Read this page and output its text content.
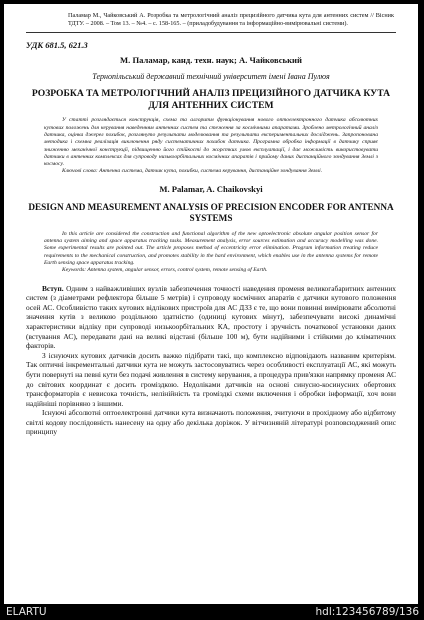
Паламар М., Чайковський А. Розробка та метрологічний аналіз прецизійного датчика кута для антенних систем // Вісник ТДТУ. – 2008. – Том 13. – №4. – с. 158-165. – (приладобудування та інформаційно-вимірювальні системи).
УДК 681.5, 621.3
М. Паламар, канд. техн. наук; А. Чайковський
Тернопільський державний технічний університет імені Івана Пулюя
РОЗРОБКА ТА МЕТРОЛОГІЧНИЙ АНАЛІЗ ПРЕЦИЗІЙНОГО ДАТЧИКА КУТА ДЛЯ АНТЕННИХ СИСТЕМ
У статті розглядається конструкція, схема та алгоритм функціонування нового оптоелектронного датчика абсолютних кутових положень для керування наведенням антенних систем та стеження за космічними апаратами. Зроблено метрологічний аналіз датчика, оцінка джерел похибок, розглянуто результати моделювання та результати експериментальних досліджень. Запропонована методика і схемна реалізація виключення ряду систематичних похибок датчика. Програмна обробка інформації в датчику сприяє зниженню механічної конструкції, підвищенню його стійкості до жорстких умов експлуатації, і дає можливість використовувати датчики в антенних комплексах для супроводу низькоорбітальних космічних апаратів і прийому даних дистанційного зондування Землі з космосу.
Ключові слова: Антенна система, датчик кута, похибки, система керування, дистанційне зондування Землі.
M. Palamar, A. Chaikovskyi
DESIGN AND MEASUREMENT ANALYSIS OF PRECISION ENCODER FOR ANTENNA SYSTEMS
In this article are considered the construction and functional algorithm of the new optoelectronic absolute angular position sensor for antenna system aiming and space apparatus tracking tasks. Measurement analysis, error sources estimation and accuracy modelling was done. Some experimental results are pointed out. The article proposes method of eccentricity error elimination. Program information treating reduce requirements to the mechanical construction, and promotes stability in the hard environment, which enables use in the antenna systems for remote Earth sensing space apparatus tracking.
Keywords: Antenna system, angular sensor, errors, control system, remote sensing of Earth.

Вступ. Одним з найважливіших вузлів забезпечення точності наведення променя великогабаритних антенних систем (з діаметрами рефлектора більше 5 метрів) і супроводу космічних апаратів є датчики кутового положення осей АС. Особливістю таких кутових відлікових пристроїв для АС ДЗЗ є те, що вони повинні вимірювати абсолютні значення кутів з великою роздільною здатністю (одиниці кутових мінут), забезпечувати високі динамічні характеристики відліку при супроводі низькоорбітальних КА, простоту і зручність початкової установки даних (встування АС), передавати дані на великі відстані (більше 100 м), бути надійними і стійкими до кліматичних факторів.

З існуючих кутових датчиків досить важко підібрати такі, що комплексно відповідають названим критеріям. Так оптичні інкрементальні датчики кута не можуть застосовуватись через особливості експлуатації АС, які можуть бути повернуті на певні кути без подачі живлення в систему керування, а процедура прив'язки напрямку променя АС до світових координат є досить громіздкою. Недоліками датчиків на основі синусно-косинусних обертових трансформаторів є невисока точність, нелінійність та громіздкі схеми включення і обробки інформації, хоч вони надійніші порівняно з іншими.

Існуючі абсолютні оптоелектронні датчики кута визначають положення, зчитуючи в прохідному або відбитому світлі кодову послідовність нанесену на одну або декілька доріжок. У вітчизняній літературі розповсюджений опис принципу

ELARTU	hdl:123456789/136
